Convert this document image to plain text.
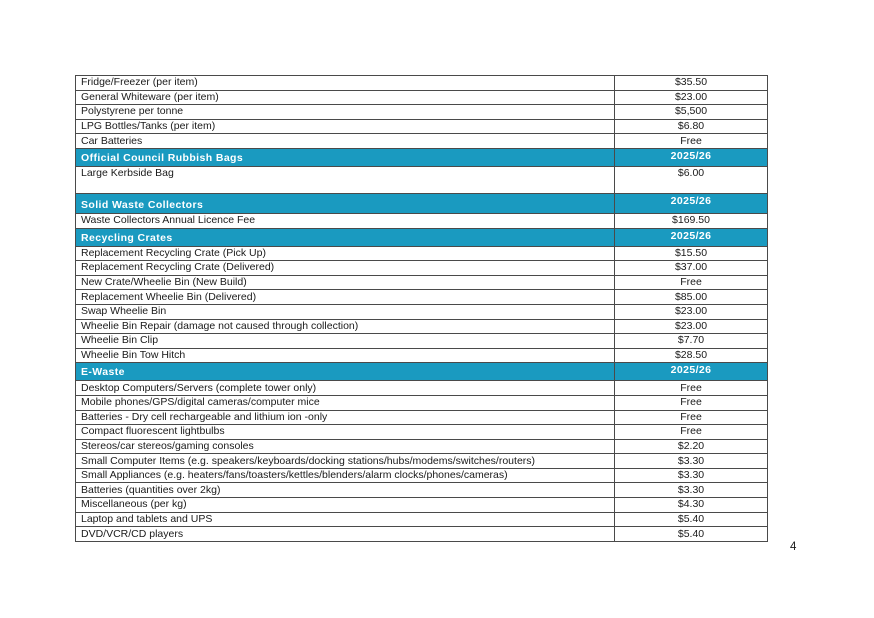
Fridge/Freezer (per item)	$35.50
General Whiteware (per item)	$23.00
Polystyrene per tonne	$5,500
LPG Bottles/Tanks (per item)	$6.80
Car Batteries	Free
Official Council Rubbish Bags	2025/26
Large Kerbside Bag	$6.00
Solid Waste Collectors	2025/26
Waste Collectors Annual Licence Fee	$169.50
Recycling Crates	2025/26
Replacement Recycling Crate (Pick Up)	$15.50
Replacement Recycling Crate (Delivered)	$37.00
New Crate/Wheelie Bin (New Build)	Free
Replacement Wheelie Bin (Delivered)	$85.00
Swap Wheelie Bin	$23.00
Wheelie Bin Repair (damage not caused through collection)	$23.00
Wheelie Bin Clip	$7.70
Wheelie Bin Tow Hitch	$28.50
E-Waste	2025/26
Desktop Computers/Servers (complete tower only)	Free
Mobile phones/GPS/digital cameras/computer mice	Free
Batteries - Dry cell rechargeable and lithium ion -only	Free
Compact fluorescent lightbulbs	Free
Stereos/car stereos/gaming consoles	$2.20
Small Computer Items (e.g. speakers/keyboards/docking stations/hubs/modems/switches/routers)	$3.30
Small Appliances (e.g. heaters/fans/toasters/kettles/blenders/alarm clocks/phones/cameras)	$3.30
Batteries (quantities over 2kg)	$3.30
Miscellaneous (per kg)	$4.30
Laptop and tablets and UPS	$5.40
DVD/VCR/CD players	$5.40
4
